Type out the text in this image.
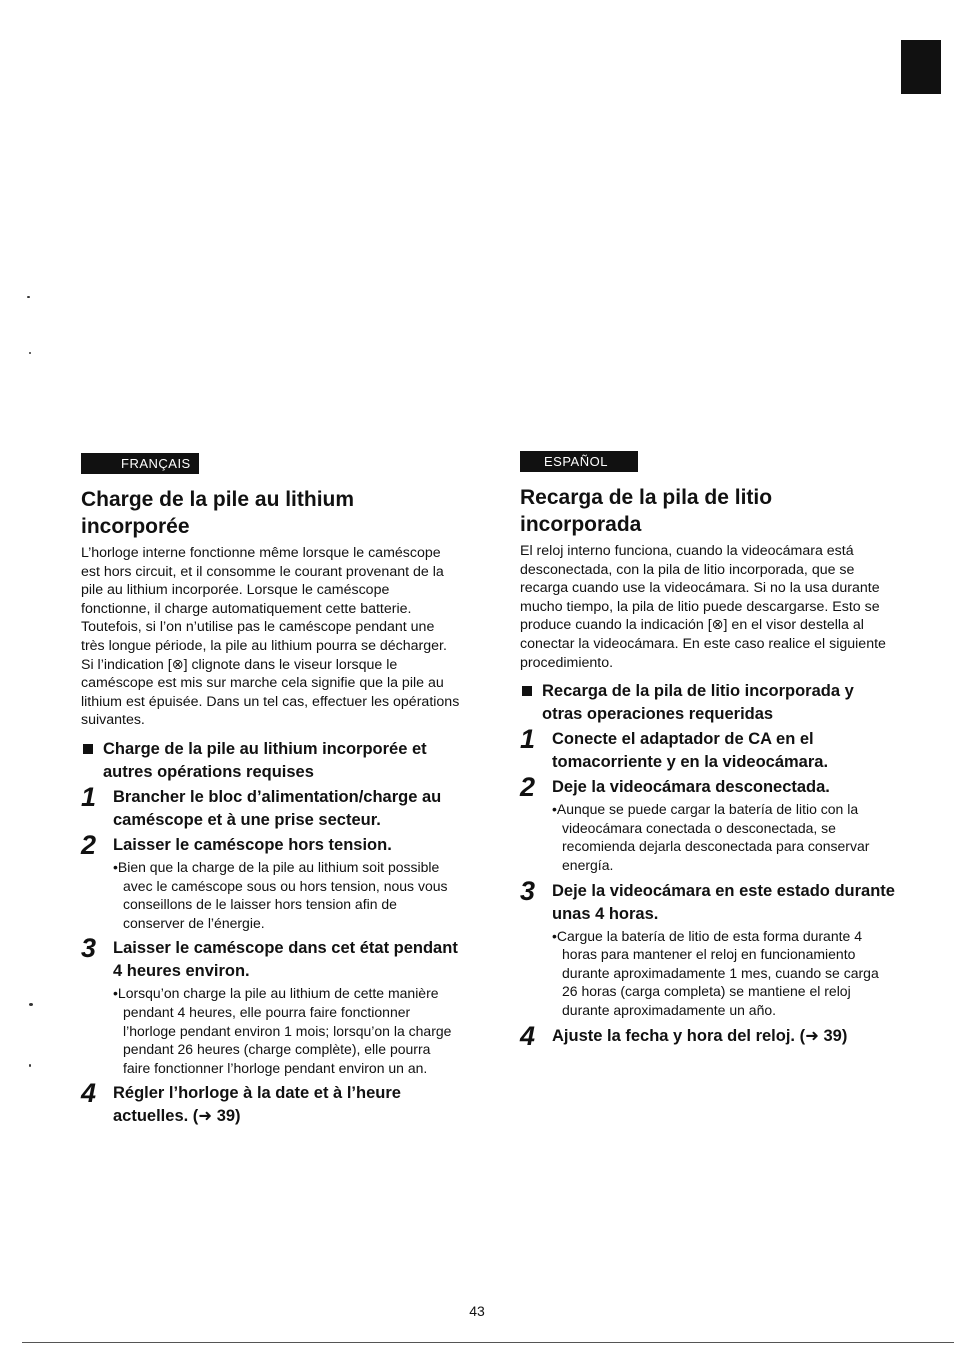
FRANÇAIS
Charge de la pile au lithium incorporée

L’horloge interne fonctionne même lorsque le caméscope est hors circuit, et il consomme le courant provenant de la pile au lithium incorporée. Lorsque le caméscope fonctionne, il charge automatiquement cette batterie. Toutefois, si l’on n’utilise pas le caméscope pendant une très longue période, la pile au lithium pourra se décharger. Si l’indication [⊗] clignote dans le viseur lorsque le caméscope est mis sur marche cela signifie que la pile au lithium est épuisée. Dans un tel cas, effectuer les opérations suivantes.

Charge de la pile au lithium incorporée et autres opérations requises
1 Brancher le bloc d’alimentation/charge au caméscope et à une prise secteur.
2 Laisser le caméscope hors tension.
•Bien que la charge de la pile au lithium soit possible avec le caméscope sous ou hors tension, nous vous conseillons de le laisser hors tension afin de conserver de l’énergie.
3 Laisser le caméscope dans cet état pendant 4 heures environ.
•Lorsqu’on charge la pile au lithium de cette manière pendant 4 heures, elle pourra faire fonctionner l’horloge pendant environ 1 mois; lorsqu’on la charge pendant 26 heures (charge complète), elle pourra faire fonctionner l’horloge pendant environ un an.
4 Régler l’horloge à la date et à l’heure actuelles. (➜ 39)
ESPAÑOL
Recarga de la pila de litio incorporada

El reloj interno funciona, cuando la videocámara está desconectada, con la pila de litio incorporada, que se recarga cuando use la videocámara. Si no la usa durante mucho tiempo, la pila de litio puede descargarse. Esto se produce cuando la indicación [⊗] en el visor destella al conectar la videocámara. En este caso realice el siguiente procedimiento.

Recarga de la pila de litio incorporada y otras operaciones requeridas
1 Conecte el adaptador de CA en el tomacorriente y en la videocámara.
2 Deje la videocámara desconectada.
•Aunque se puede cargar la batería de litio con la videocámara conectada o desconectada, se recomienda dejarla desconectada para conservar energía.
3 Deje la videocámara en este estado durante unas 4 horas.
•Cargue la batería de litio de esta forma durante 4 horas para mantener el reloj en funcionamiento durante aproximadamente 1 mes, cuando se carga 26 horas (carga completa) se mantiene el reloj durante aproximadamente un año.
4 Ajuste la fecha y hora del reloj. (➜ 39)
43
